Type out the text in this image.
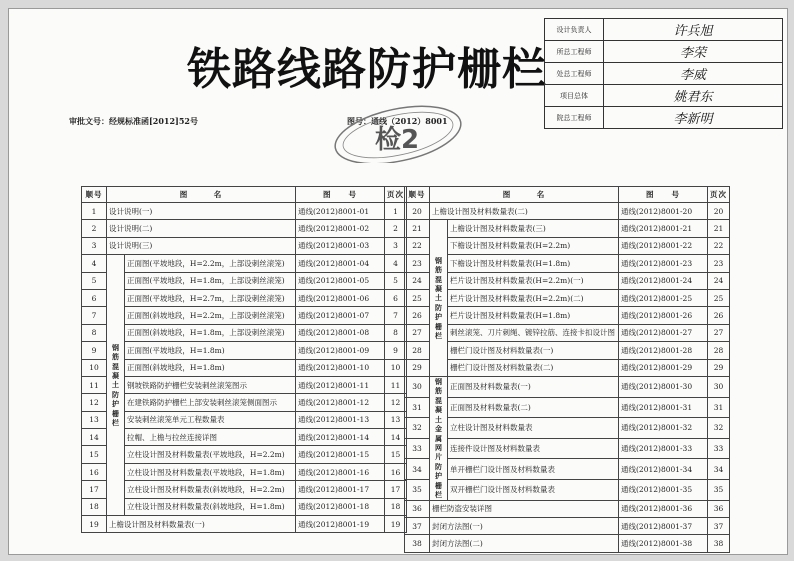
铁路线路防护栅栏
审批文号：经规标准函[2012]52号	图号：通线（2012）8001
检2
设计负责人	许兵旭
所总工程师	李荣
处总工程师	李威
项目总体	姚君东
院总工程师	李新明
顺号	图　　　名		图　　号	页次
1	设计说明(一)		通线(2012)8001-01	1
2	设计说明(二)		通线(2012)8001-02	2
3	设计说明(三)		通线(2012)8001-03	3
4	钢筋混凝土防护栅栏	正面图(平坡地段，H=2.2m，上部设刺丝滚笼)	通线(2012)8001-04	4
5		正面图(平坡地段，H=1.8m，上部设刺丝滚笼)	通线(2012)8001-05	5
6		正面图(平坡地段，H=2.7m，上部设刺丝滚笼)	通线(2012)8001-06	6
7		正面图(斜坡地段，H=2.2m，上部设刺丝滚笼)	通线(2012)8001-07	7
8		正面图(斜坡地段，H=1.8m，上部设刺丝滚笼)	通线(2012)8001-08	8
9		正面图(平坡地段，H=1.8m)	通线(2012)8001-09	9
10		正面图(斜坡地段，H=1.8m)	通线(2012)8001-10	10
11		钢坡铁路防护栅栏安装刺丝滚笼图示	通线(2012)8001-11	11
12		在建铁路防护栅栏上部安装刺丝滚笼侧面图示	通线(2012)8001-12	12
13		安装刺丝滚笼单元工程数量表	通线(2012)8001-13	13
14		拉帽、上檐与拉丝连接详图	通线(2012)8001-14	14
15		立柱设计图及材料数量表(平坡地段，H=2.2m)	通线(2012)8001-15	15
16		立柱设计图及材料数量表(平坡地段，H=1.8m)	通线(2012)8001-16	16
17		立柱设计图及材料数量表(斜坡地段，H=2.2m)	通线(2012)8001-17	17
18		立柱设计图及材料数量表(斜坡地段，H=1.8m)	通线(2012)8001-18	18
19	上檐设计图及材料数量表(一)		通线(2012)8001-19	19
顺号	图　　　名		图　　号	页次
20	上檐设计图及材料数量表(二)		通线(2012)8001-20	20
21	钢筋混凝土防护栅栏	上檐设计图及材料数量表(三)	通线(2012)8001-21	21
22		下檐设计图及材料数量表(H=2.2m)	通线(2012)8001-22	22
23		下檐设计图及材料数量表(H=1.8m)	通线(2012)8001-23	23
24		栏片设计图及材料数量表(H=2.2m)(一)	通线(2012)8001-24	24
25		栏片设计图及材料数量表(H=2.2m)(二)	通线(2012)8001-25	25
26		栏片设计图及材料数量表(H=1.8m)	通线(2012)8001-26	26
27		刺丝滚笼、刀片刺绳、镀锌拉筋、连接卡扣设计图	通线(2012)8001-27	27
28		栅栏门设计图及材料数量表(一)	通线(2012)8001-28	28
29		栅栏门设计图及材料数量表(二)	通线(2012)8001-29	29
30	钢筋混凝土金属网片防护栅栏	正面图及材料数量表(一)	通线(2012)8001-30	30
31		正面图及材料数量表(二)	通线(2012)8001-31	31
32		立柱设计图及材料数量表	通线(2012)8001-32	32
33		连接件设计图及材料数量表	通线(2012)8001-33	33
34		单开栅栏门设计图及材料数量表	通线(2012)8001-34	34
35		双开栅栏门设计图及材料数量表	通线(2012)8001-35	35
36	栅栏防盗安装详图		通线(2012)8001-36	36
37	封闭方法图(一)		通线(2012)8001-37	37
38	封闭方法图(二)		通线(2012)8001-38	38
